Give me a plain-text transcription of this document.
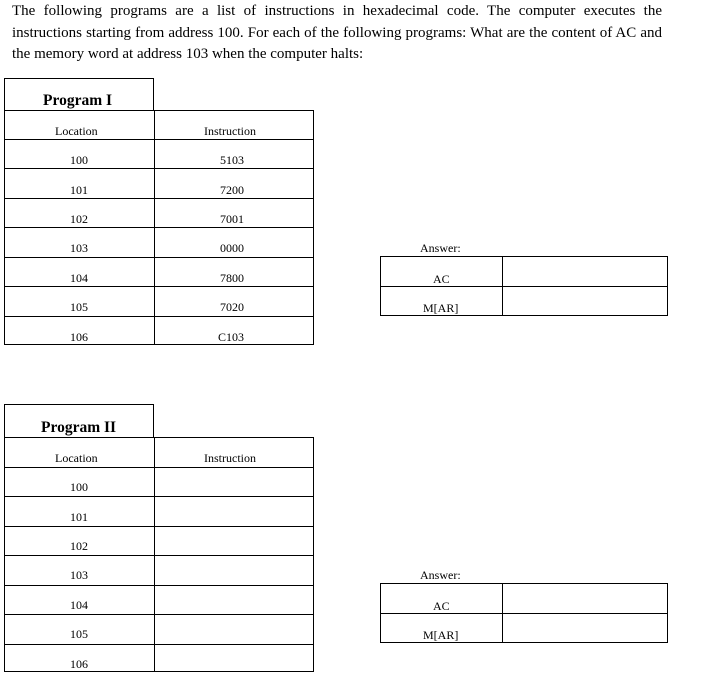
The following programs are a list of instructions in hexadecimal code. The computer executes the instructions starting from address 100. For each of the following programs: What are the content of AC and the memory word at address 103 when the computer halts:

Program I
Location	Instruction
100	5103
101	7200
102	7001
103	0000
104	7800
105	7020
106	C103
Answer:
AC
M[AR]
Program II
Location	Instruction
100
101
102
103
104
105
106
Answer:
AC
M[AR]
